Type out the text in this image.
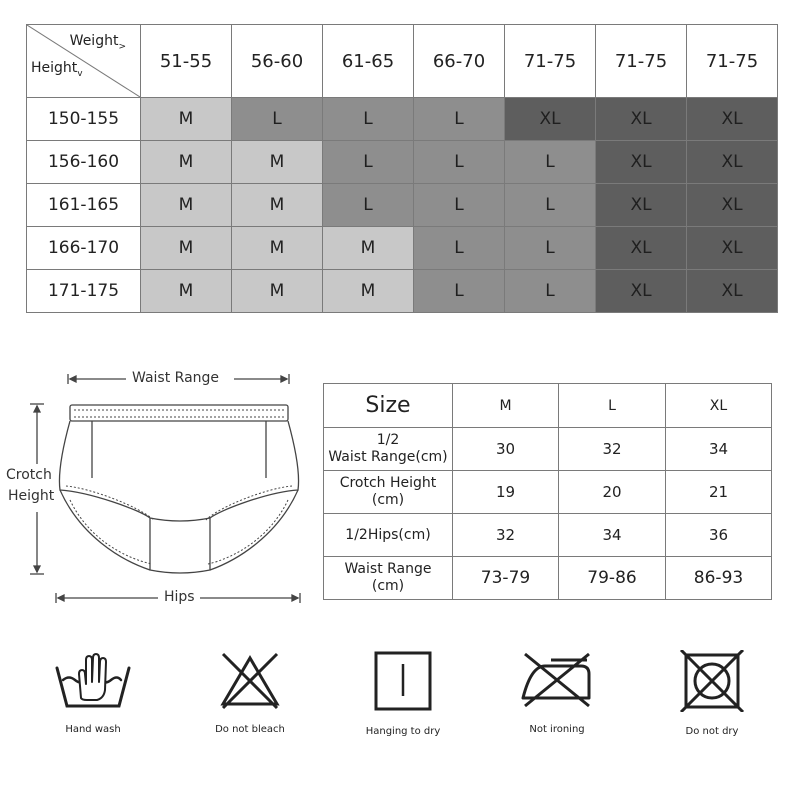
Weight$_>$
Height$_v$	51-55	56-60	61-65	66-70	71-75	71-75	71-75
150-155	M	L	L	L	XL	XL	XL
156-160	M	M	L	L	L	XL	XL
161-165	M	M	L	L	L	XL	XL
166-170	M	M	M	L	L	XL	XL
171-175	M	M	M	L	L	XL	XL
Waist Range
Crotch
Height
Hips
Size	M	L	XL
1/2
Waist Range(cm)	30	32	34
Crotch Height
(cm)	19	20	21
1/2Hips(cm)	32	34	36
Waist Range
(cm)	73-79	79-86	86-93
Hand wash	Do not bleach	Hanging to dry	Not ironing	Do not dry
